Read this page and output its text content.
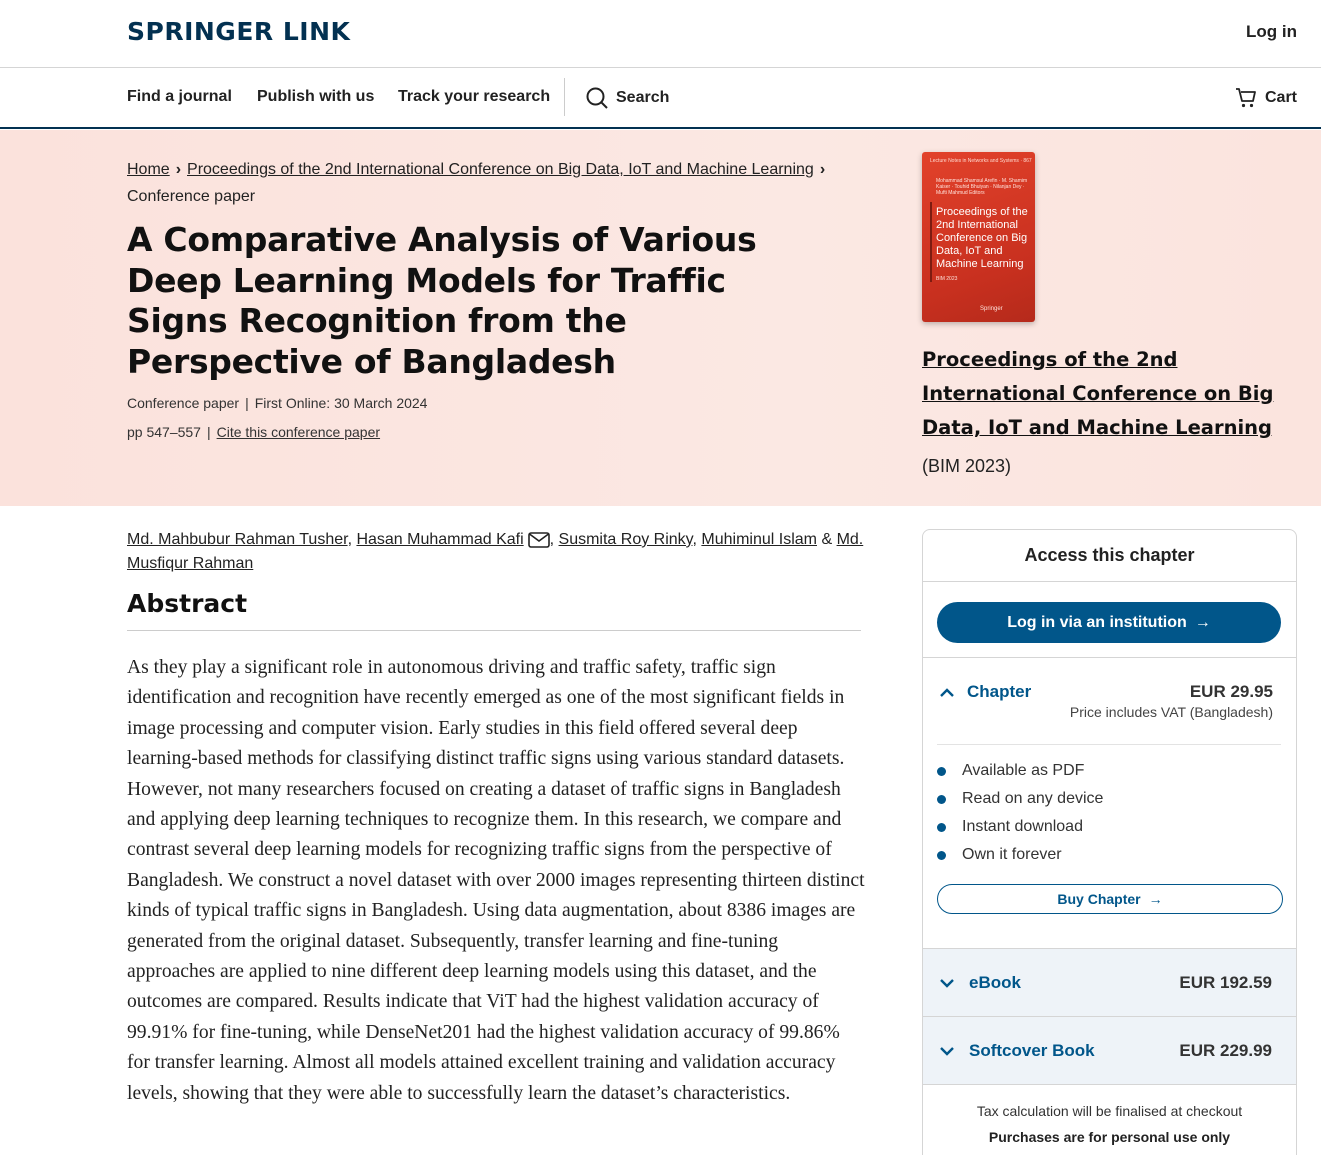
SPRINGER LINK	Log in
Find a journal Publish with us Track your research	Search	Cart
Home › Proceedings of the 2nd International Conference on Big Data, IoT and Machine Learning ›
Conference paper
A Comparative Analysis of Various Deep Learning Models for Traffic Signs Recognition from the Perspective of Bangladesh
Conference paper | First Online: 30 March 2024
pp 547–557 | Cite this conference paper
Lecture Notes in Networks and Systems · 867
Mohammad Shamsul Arefin · M. Shamim Kaiser · Touhid Bhuiyan · Nilanjan Dey · Mufti Mahmud Editors
Proceedings of the 2nd International Conference on Big Data, IoT and Machine Learning
BIM 2023
Springer
Proceedings of the 2nd International Conference on Big Data, IoT and Machine Learning
(BIM 2023)
Md. Mahbubur Rahman Tusher, Hasan Muhammad Kafi , Susmita Roy Rinky, Muhiminul Islam & Md. Musfiqur Rahman
Abstract

As they play a significant role in autonomous driving and traffic safety, traffic sign identification and recognition have recently emerged as one of the most significant fields in image processing and computer vision. Early studies in this field offered several deep learning-based methods for classifying distinct traffic signs using various standard datasets. However, not many researchers focused on creating a dataset of traffic signs in Bangladesh and applying deep learning techniques to recognize them. In this research, we compare and contrast several deep learning models for recognizing traffic signs from the perspective of Bangladesh. We construct a novel dataset with over 2000 images representing thirteen distinct kinds of typical traffic signs in Bangladesh. Using data augmentation, about 8386 images are generated from the original dataset. Subsequently, transfer learning and fine-tuning approaches are applied to nine different deep learning models using this dataset, and the outcomes are compared. Results indicate that ViT had the highest validation accuracy of 99.91% for fine-tuning, while DenseNet201 had the highest validation accuracy of 99.86% for transfer learning. Almost all models attained excellent training and validation accuracy levels, showing that they were able to successfully learn the dataset’s characteristics.

Access this chapter
Log in via an institution →
Chapter	EUR 29.95
Price includes VAT (Bangladesh)
Available as PDF
Read on any device
Instant download
Own it forever
Buy Chapter →
eBook	EUR 192.59
Softcover Book	EUR 229.99
Tax calculation will be finalised at checkout
Purchases are for personal use only
